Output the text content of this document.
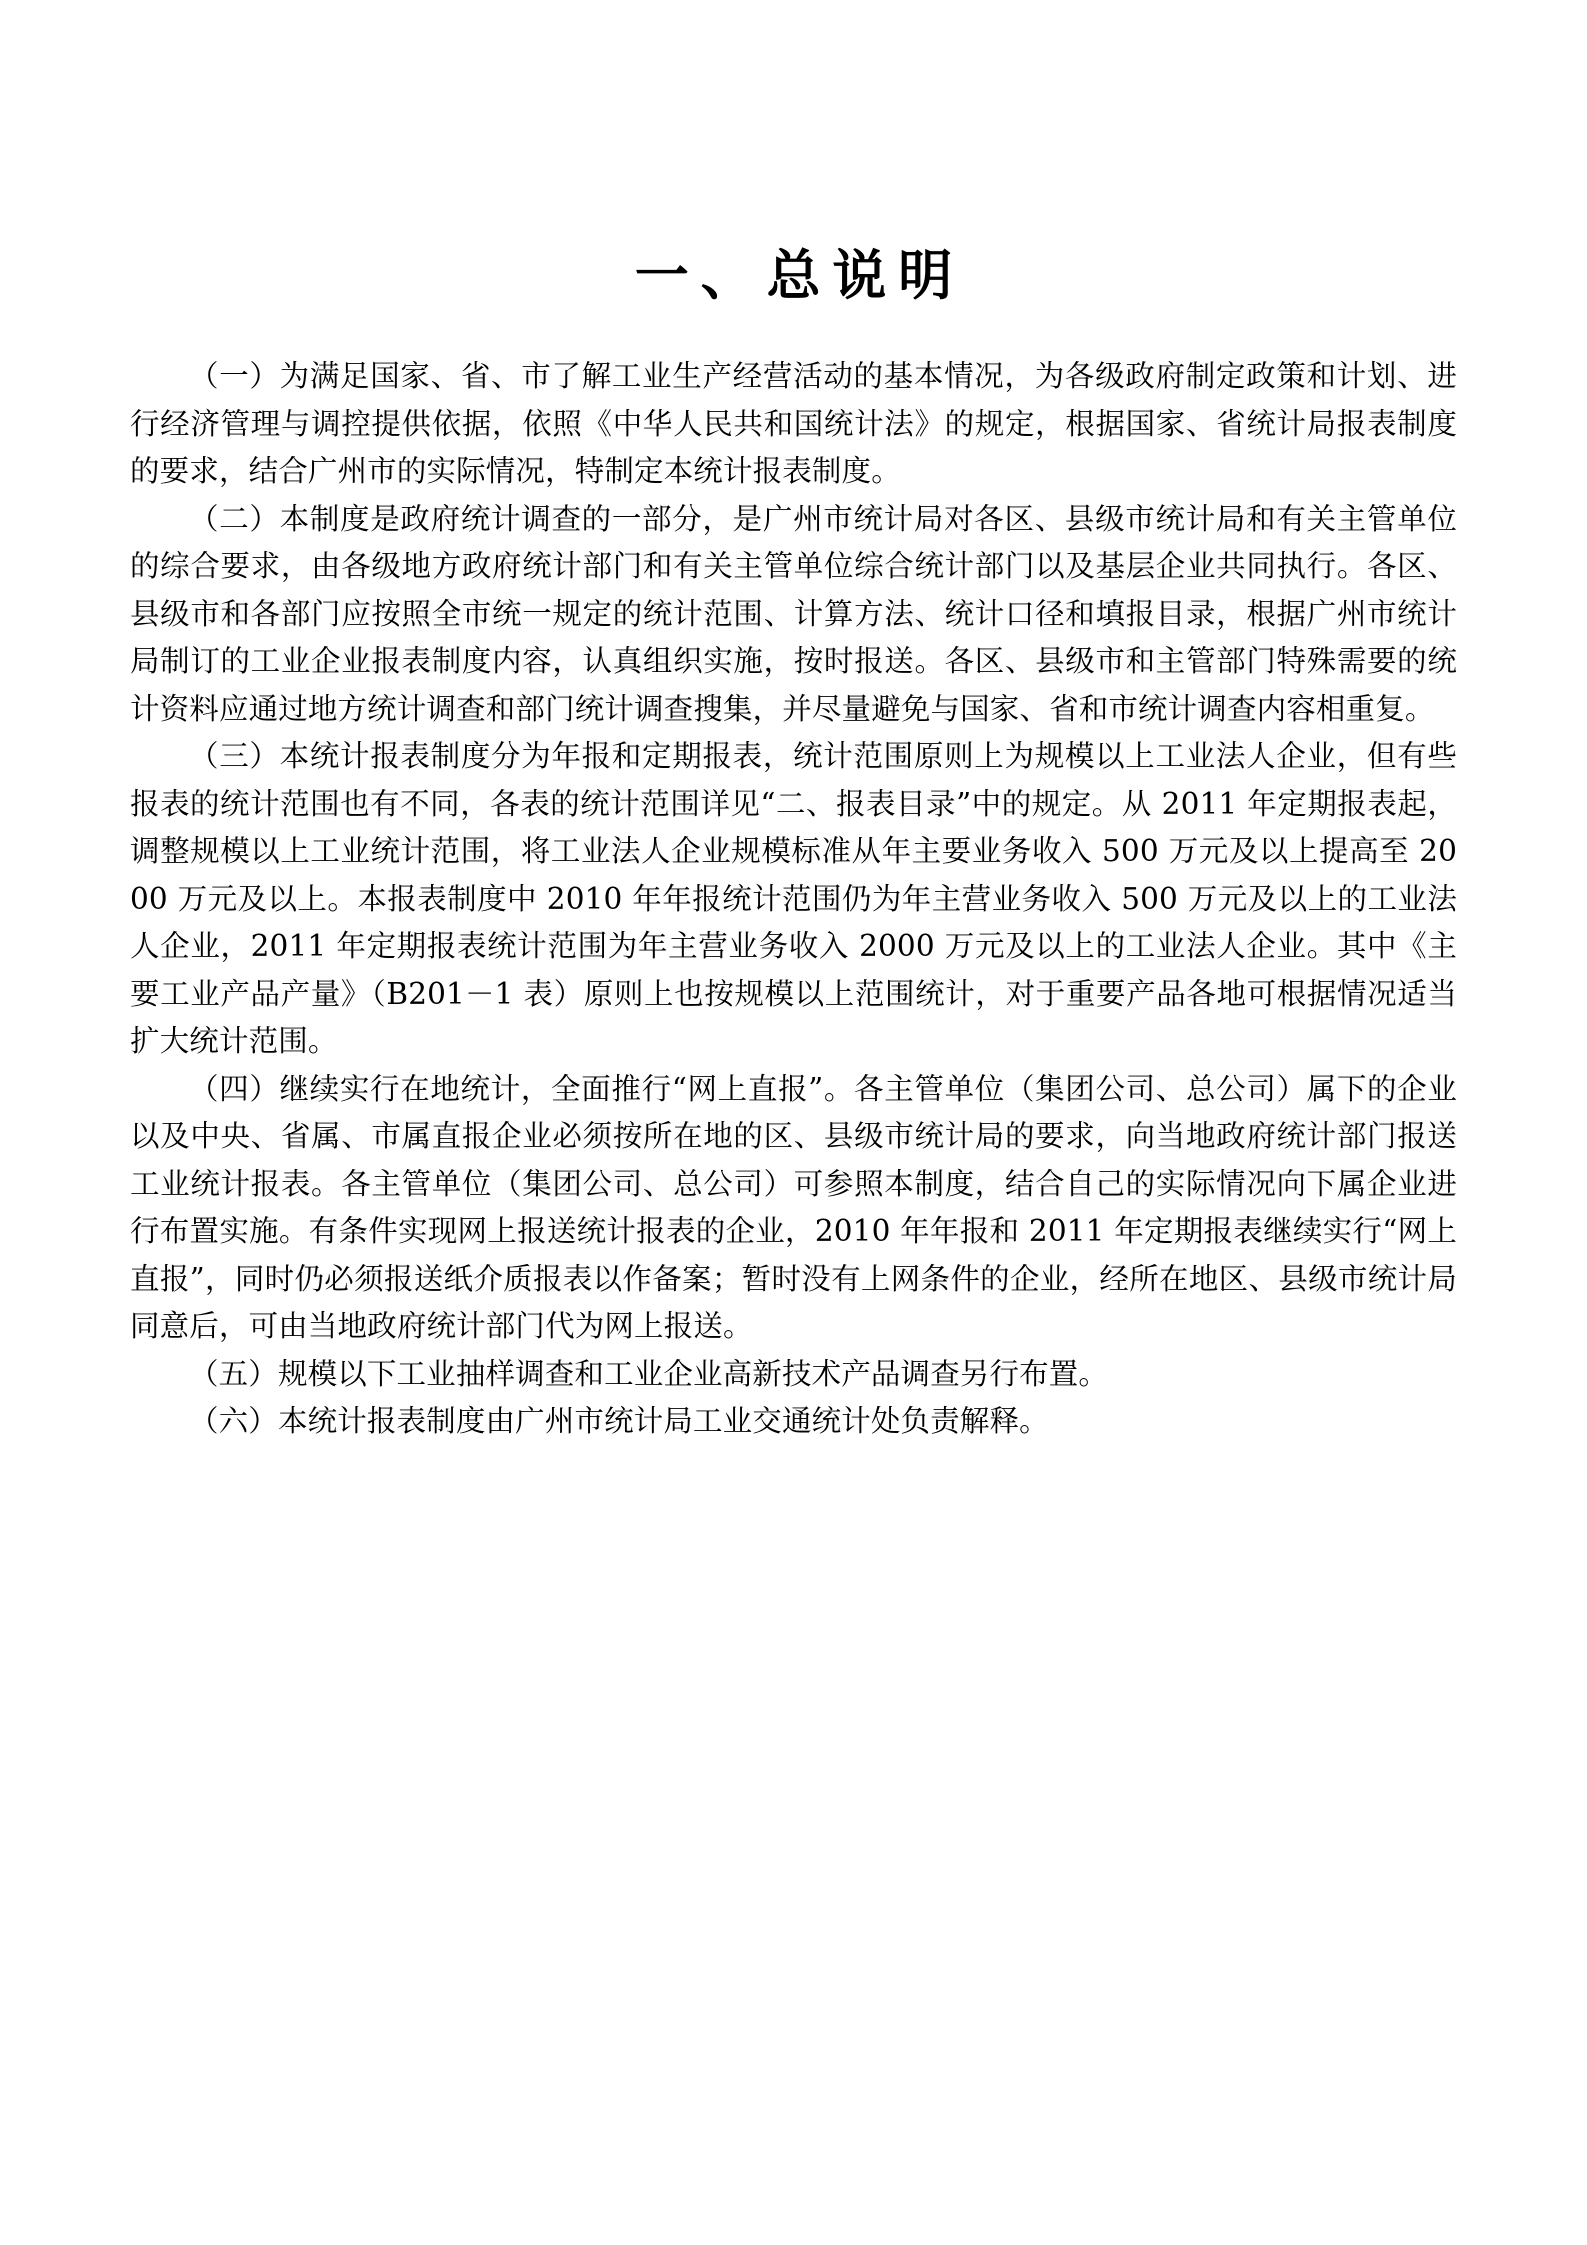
一、总说明

（一）为满足国家、省、市了解工业生产经营活动的基本情况，为各级政府制定政策和计划、进行经济管理与调控提供依据，依照《中华人民共和国统计法》的规定，根据国家、省统计局报表制度的要求，结合广州市的实际情况，特制定本统计报表制度。

（二）本制度是政府统计调查的一部分，是广州市统计局对各区、县级市统计局和有关主管单位的综合要求，由各级地方政府统计部门和有关主管单位综合统计部门以及基层企业共同执行。各区、县级市和各部门应按照全市统一规定的统计范围、计算方法、统计口径和填报目录，根据广州市统计局制订的工业企业报表制度内容，认真组织实施，按时报送。各区、县级市和主管部门特殊需要的统计资料应通过地方统计调查和部门统计调查搜集，并尽量避免与国家、省和市统计调查内容相重复。

（三）本统计报表制度分为年报和定期报表，统计范围原则上为规模以上工业法人企业，但有些报表的统计范围也有不同，各表的统计范围详见“二、报表目录”中的规定。从 2011 年定期报表起，调整规模以上工业统计范围，将工业法人企业规模标准从年主要业务收入 500 万元及以上提高至 2000 万元及以上。本报表制度中 2010 年年报统计范围仍为年主营业务收入 500 万元及以上的工业法人企业，2011 年定期报表统计范围为年主营业务收入 2000 万元及以上的工业法人企业。其中《主要工业产品产量》（B201－1 表）原则上也按规模以上范围统计，对于重要产品各地可根据情况适当扩大统计范围。

（四）继续实行在地统计，全面推行“网上直报”。各主管单位（集团公司、总公司）属下的企业以及中央、省属、市属直报企业必须按所在地的区、县级市统计局的要求，向当地政府统计部门报送工业统计报表。各主管单位（集团公司、总公司）可参照本制度，结合自己的实际情况向下属企业进行布置实施。有条件实现网上报送统计报表的企业，2010 年年报和 2011 年定期报表继续实行“网上直报”，同时仍必须报送纸介质报表以作备案；暂时没有上网条件的企业，经所在地区、县级市统计局同意后，可由当地政府统计部门代为网上报送。

（五）规模以下工业抽样调查和工业企业高新技术产品调查另行布置。

（六）本统计报表制度由广州市统计局工业交通统计处负责解释。
